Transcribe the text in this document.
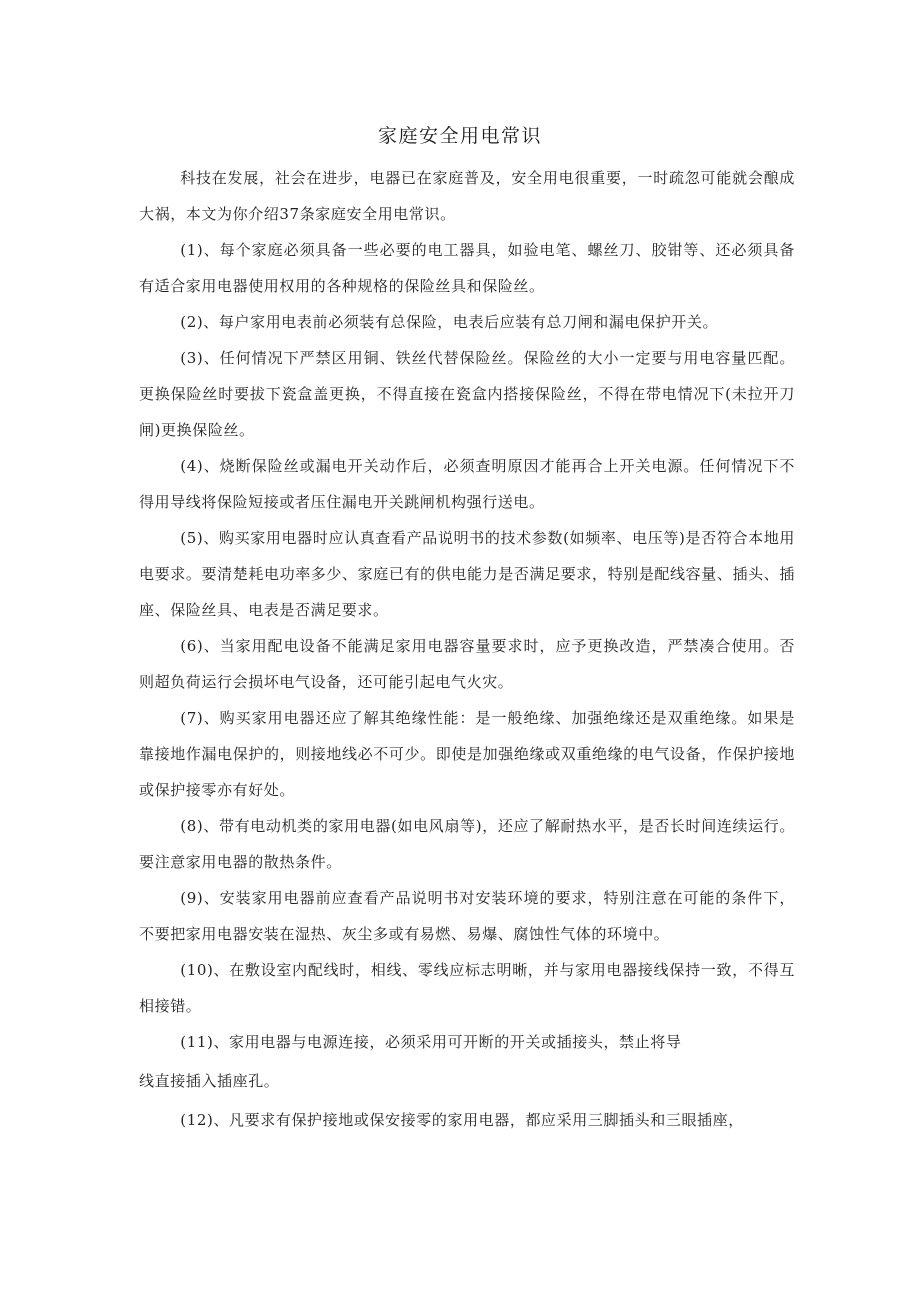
家庭安全用电常识

科技在发展，社会在进步，电器已在家庭普及，安全用电很重要，一时疏忽可能就会酿成大祸，本文为你介绍37条家庭安全用电常识。

(1)、每个家庭必须具备一些必要的电工器具，如验电笔、螺丝刀、胶钳等、还必须具备有适合家用电器使用权用的各种规格的保险丝具和保险丝。

(2)、每户家用电表前必须装有总保险，电表后应装有总刀闸和漏电保护开关。

(3)、任何情况下严禁区用铜、铁丝代替保险丝。保险丝的大小一定要与用电容量匹配。更换保险丝时要拔下瓷盒盖更换，不得直接在瓷盒内搭接保险丝，不得在带电情况下(未拉开刀闸)更换保险丝。

(4)、烧断保险丝或漏电开关动作后，必须查明原因才能再合上开关电源。任何情况下不得用导线将保险短接或者压住漏电开关跳闸机构强行送电。

(5)、购买家用电器时应认真查看产品说明书的技术参数(如频率、电压等)是否符合本地用电要求。要清楚耗电功率多少、家庭已有的供电能力是否满足要求，特别是配线容量、插头、插座、保险丝具、电表是否满足要求。

(6)、当家用配电设备不能满足家用电器容量要求时，应予更换改造，严禁凑合使用。否则超负荷运行会损坏电气设备，还可能引起电气火灾。

(7)、购买家用电器还应了解其绝缘性能：是一般绝缘、加强绝缘还是双重绝缘。如果是靠接地作漏电保护的，则接地线必不可少。即使是加强绝缘或双重绝缘的电气设备，作保护接地或保护接零亦有好处。

(8)、带有电动机类的家用电器(如电风扇等)，还应了解耐热水平，是否长时间连续运行。要注意家用电器的散热条件。

(9)、安装家用电器前应查看产品说明书对安装环境的要求，特别注意在可能的条件下，不要把家用电器安装在湿热、灰尘多或有易燃、易爆、腐蚀性气体的环境中。

(10)、在敷设室内配线时，相线、零线应标志明晰，并与家用电器接线保持一致，不得互相接错。

(11)、家用电器与电源连接，必须采用可开断的开关或插接头，禁止将导

线直接插入插座孔。

(12)、凡要求有保护接地或保安接零的家用电器，都应采用三脚插头和三眼插座，
